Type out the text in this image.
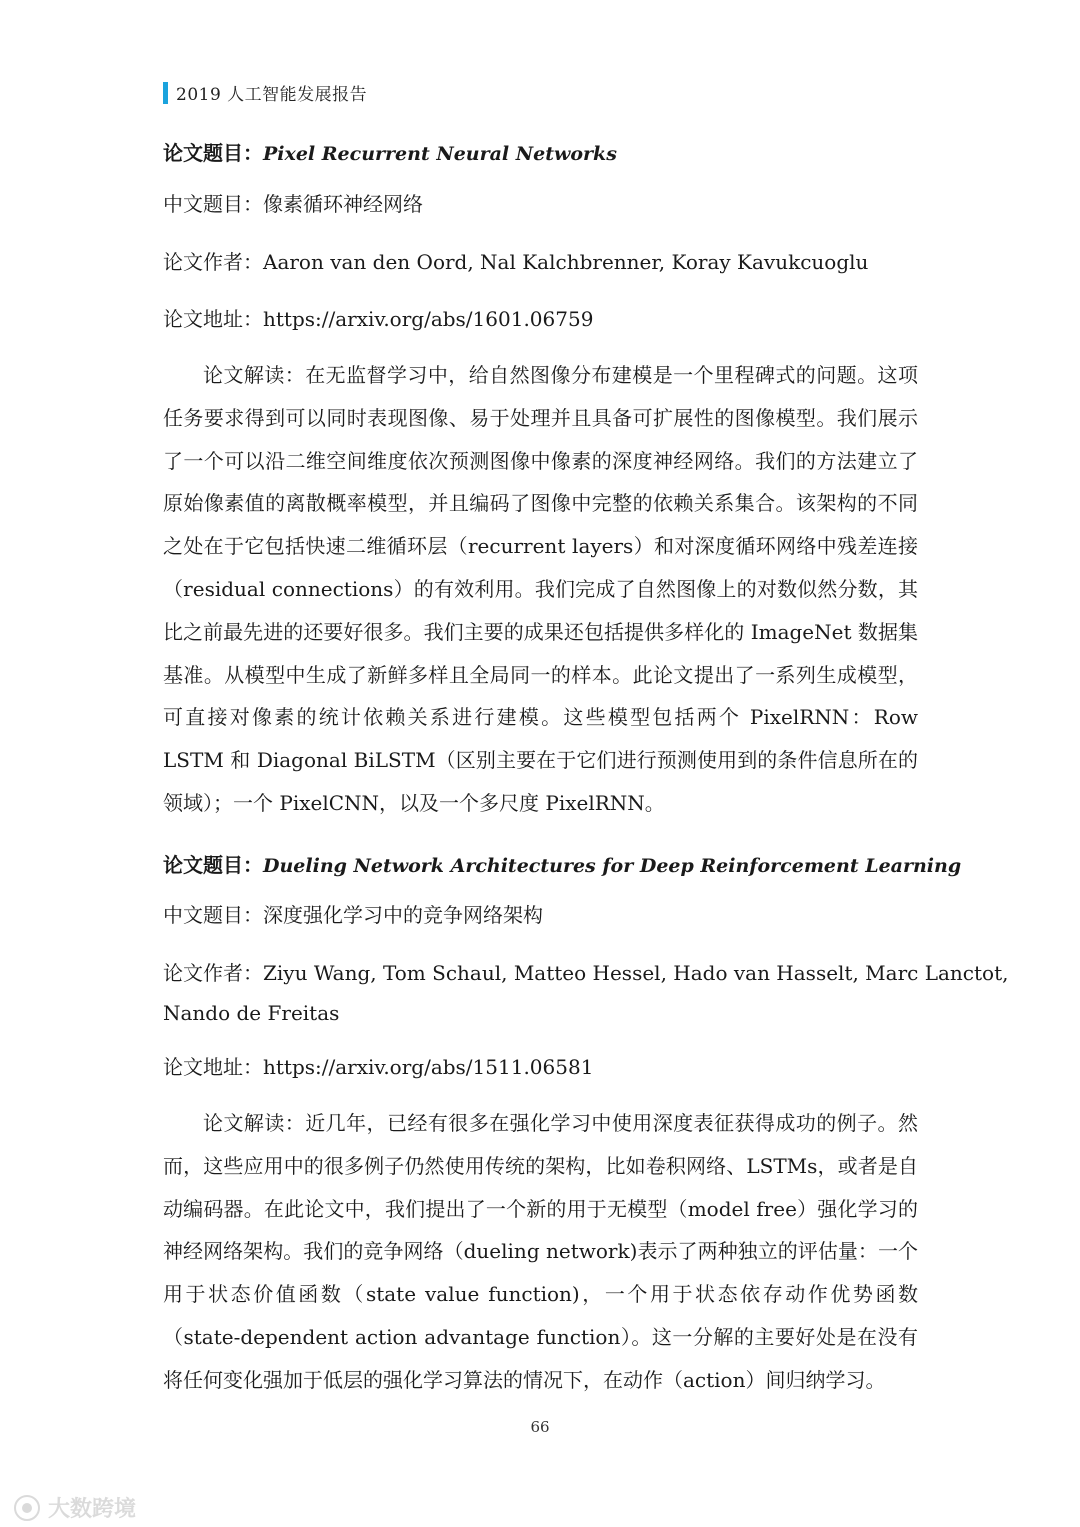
2019 人工智能发展报告
论文题目：Pixel Recurrent Neural Networks
中文题目：像素循环神经网络
论文作者：Aaron van den Oord, Nal Kalchbrenner, Koray Kavukcuoglu
论文地址：https://arxiv.org/abs/1601.06759
论文解读：在无监督学习中，给自然图像分布建模是一个里程碑式的问题。这项任务要求得到可以同时表现图像、易于处理并且具备可扩展性的图像模型。我们展示了一个可以沿二维空间维度依次预测图像中像素的深度神经网络。我们的方法建立了原始像素值的离散概率模型，并且编码了图像中完整的依赖关系集合。该架构的不同之处在于它包括快速二维循环层（recurrent layers）和对深度循环网络中残差连接（residual connections）的有效利用。我们完成了自然图像上的对数似然分数，其比之前最先进的还要好很多。我们主要的成果还包括提供多样化的 ImageNet 数据集基准。从模型中生成了新鲜多样且全局同一的样本。此论文提出了一系列生成模型，可直接对像素的统计依赖关系进行建模。这些模型包括两个 PixelRNN：Row LSTM 和 Diagonal BiLSTM（区别主要在于它们进行预测使用到的条件信息所在的领域）；一个 PixelCNN，以及一个多尺度 PixelRNN。
论文题目：Dueling Network Architectures for Deep Reinforcement Learning
中文题目：深度强化学习中的竞争网络架构
论文作者：Ziyu Wang, Tom Schaul, Matteo Hessel, Hado van Hasselt, Marc Lanctot,
Nando de Freitas
论文地址：https://arxiv.org/abs/1511.06581
论文解读：近几年，已经有很多在强化学习中使用深度表征获得成功的例子。然而，这些应用中的很多例子仍然使用传统的架构，比如卷积网络、LSTMs，或者是自动编码器。在此论文中，我们提出了一个新的用于无模型（model free）强化学习的神经网络架构。我们的竞争网络（dueling network)表示了两种独立的评估量：一个用于状态价值函数（state value function)，一个用于状态依存动作优势函数（state-dependent action advantage function）。这一分解的主要好处是在没有将任何变化强加于低层的强化学习算法的情况下，在动作（action）间归纳学习。
66
大数跨境
